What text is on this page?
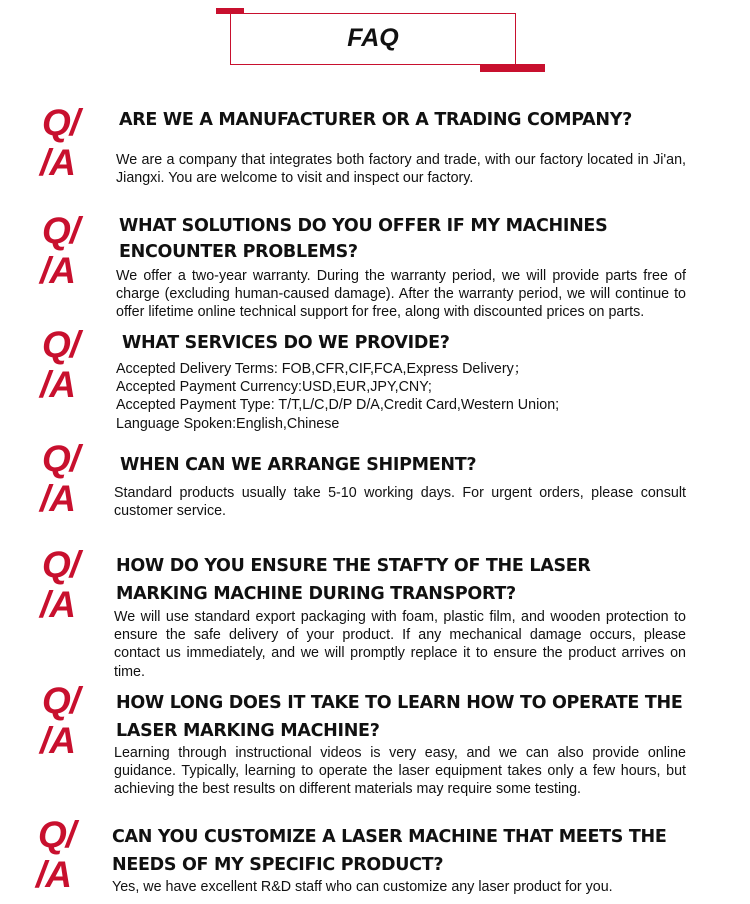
FAQ
Q/
/A
ARE WE A MANUFACTURER OR A TRADING COMPANY?
We are a company that integrates both factory and trade, with our factory located in Ji'an, Jiangxi. You are welcome to visit and inspect our factory.
Q/
/A
WHAT SOLUTIONS DO YOU OFFER IF MY MACHINES ENCOUNTER PROBLEMS?
We offer a two-year warranty. During the warranty period, we will provide parts free of charge (excluding human-caused damage). After the warranty period, we will continue to offer lifetime online technical support for free, along with discounted prices on parts.
Q/
/A
WHAT SERVICES DO WE PROVIDE?
Accepted Delivery Terms: FOB,CFR,CIF,FCA,Express Delivery；
Accepted Payment Currency:USD,EUR,JPY,CNY;
Accepted Payment Type: T/T,L/C,D/P D/A,Credit Card,Western Union;
Language Spoken:English,Chinese
Q/
/A
WHEN CAN WE ARRANGE SHIPMENT?
Standard products usually take 5-10 working days. For urgent orders, please consult customer service.
Q/
/A
HOW DO YOU ENSURE THE STAFTY OF THE LASER MARKING MACHINE DURING TRANSPORT?
We will use standard export packaging with foam, plastic film, and wooden protection to ensure the safe delivery of your product. If any mechanical damage occurs, please contact us immediately, and we will promptly replace it to ensure the product arrives on time.
Q/
/A
HOW LONG DOES IT TAKE TO LEARN HOW TO OPERATE THE LASER MARKING MACHINE?
Learning through instructional videos is very easy, and we can also provide online guidance. Typically, learning to operate the laser equipment takes only a few hours, but achieving the best results on different materials may require some testing.
Q/
/A
CAN YOU CUSTOMIZE A LASER MACHINE THAT MEETS THE NEEDS OF MY SPECIFIC PRODUCT?
Yes, we have excellent R&D staff who can customize any laser product for you.
